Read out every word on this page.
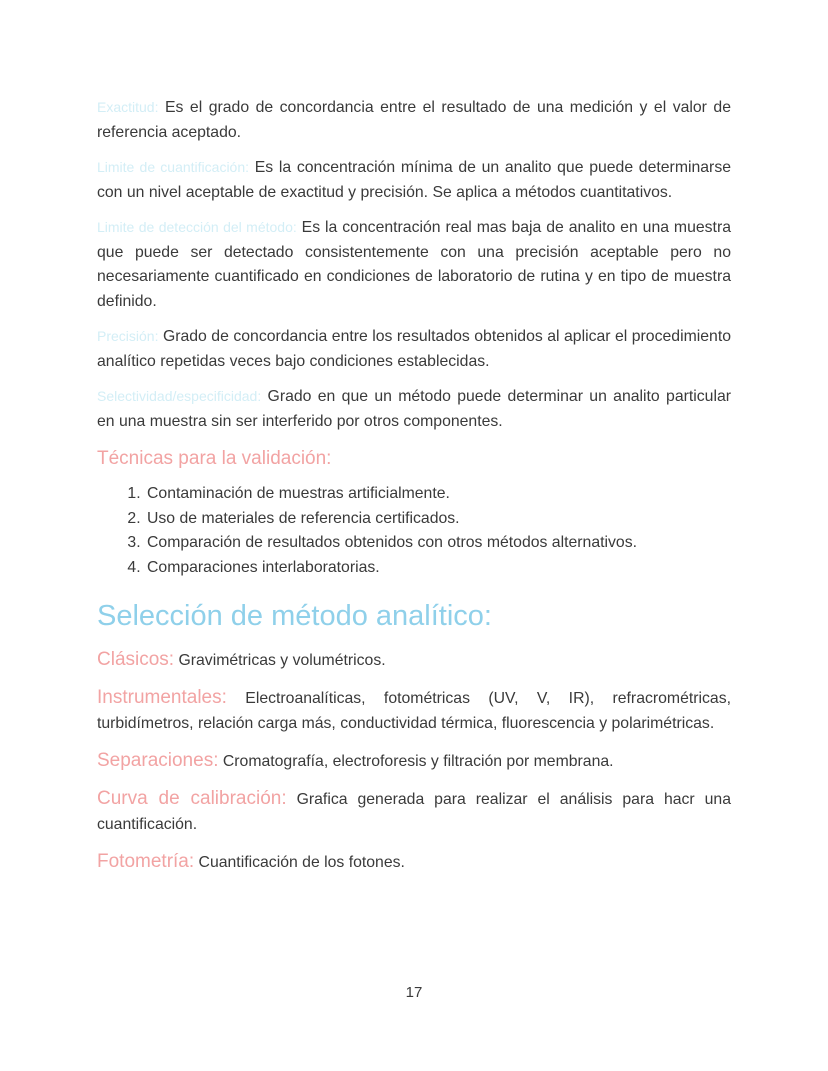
Exactitud: Es el grado de concordancia entre el resultado de una medición y el valor de referencia aceptado.

Limite de cuantificación: Es la concentración mínima de un analito que puede determinarse con un nivel aceptable de exactitud y precisión. Se aplica a métodos cuantitativos.

Limite de detección del método: Es la concentración real mas baja de analito en una muestra que puede ser detectado consistentemente con una precisión aceptable pero no necesariamente cuantificado en condiciones de laboratorio de rutina y en tipo de muestra definido.

Precisión: Grado de concordancia entre los resultados obtenidos al aplicar el procedimiento analítico repetidas veces bajo condiciones establecidas.

Selectividad/especificidad: Grado en que un método puede determinar un analito particular en una muestra sin ser interferido por otros componentes.

Técnicas para la validación:
1. Contaminación de muestras artificialmente.
2. Uso de materiales de referencia certificados.
3. Comparación de resultados obtenidos con otros métodos alternativos.
4. Comparaciones interlaboratorias.
Selección de método analítico:

Clásicos: Gravimétricas y volumétricos.

Instrumentales: Electroanalíticas, fotométricas (UV, V, IR), refracrométricas, turbidímetros, relación carga más, conductividad térmica, fluorescencia y polarimétricas.

Separaciones: Cromatografía, electroforesis y filtración por membrana.

Curva de calibración: Grafica generada para realizar el análisis para hacr una cuantificación.

Fotometría: Cuantificación de los fotones.

17
